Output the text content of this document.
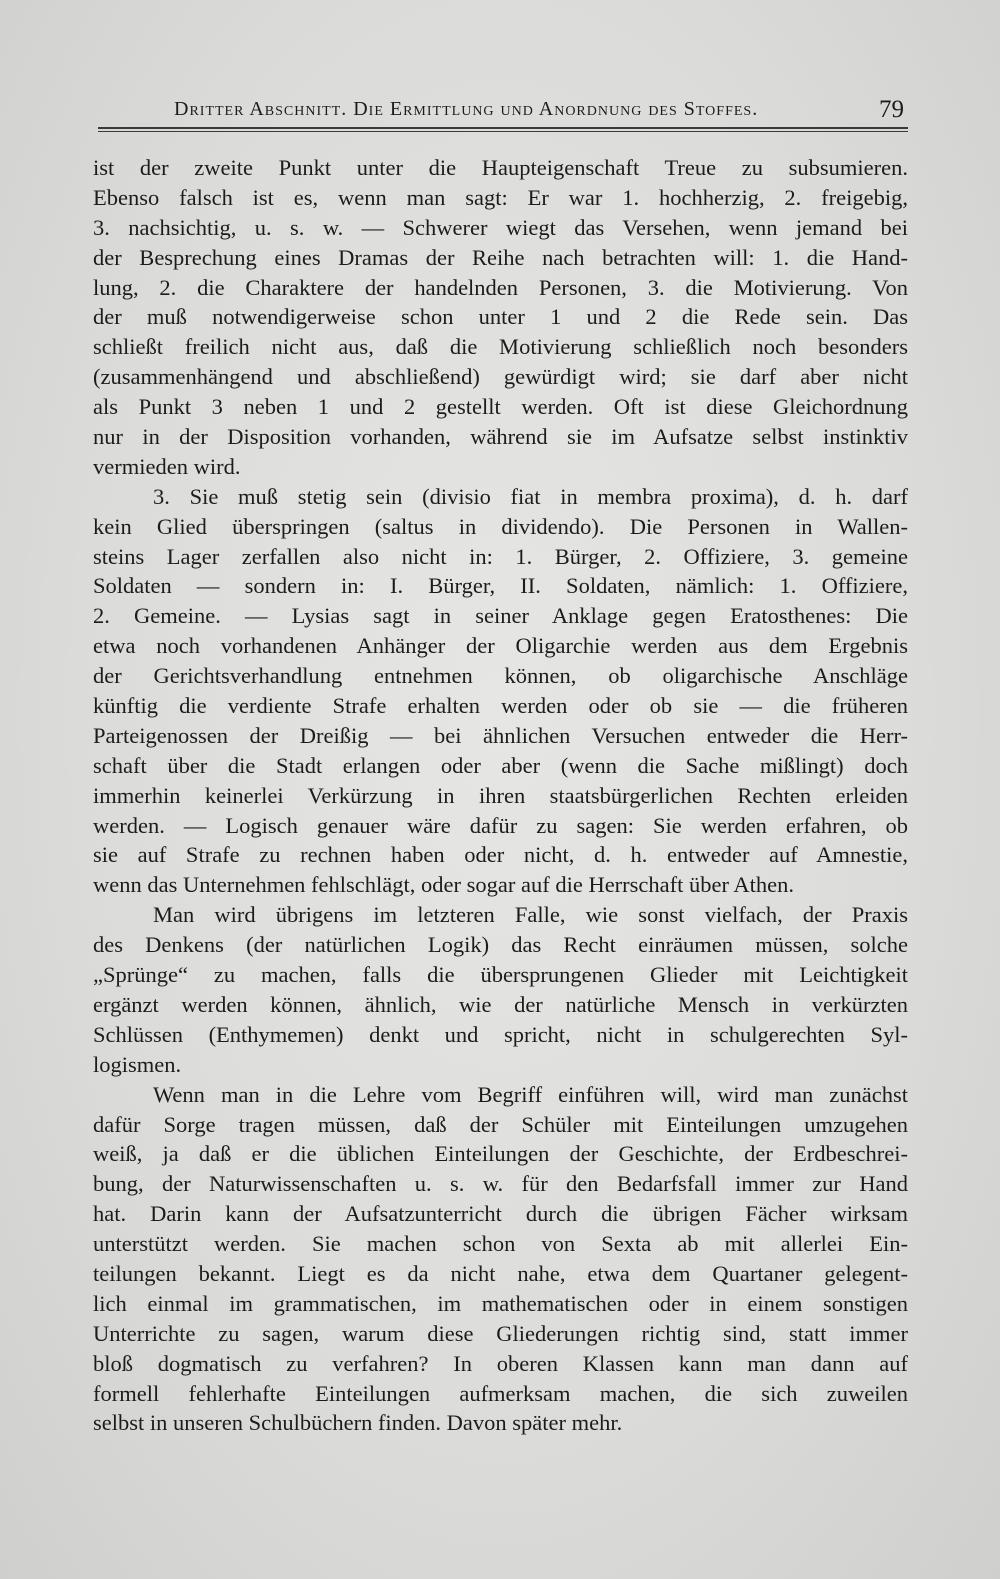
Dritter Abschnitt. Die Ermittlung und Anordnung des Stoffes.	79
ist der zweite Punkt unter die Haupteigenschaft Treue zu subsumieren.
Ebenso falsch ist es, wenn man sagt: Er war 1. hochherzig, 2. freigebig,
3. nachsichtig, u. s. w. — Schwerer wiegt das Versehen, wenn jemand bei
der Besprechung eines Dramas der Reihe nach betrachten will: 1. die Hand-
lung, 2. die Charaktere der handelnden Personen, 3. die Motivierung. Von
der muß notwendigerweise schon unter 1 und 2 die Rede sein. Das
schließt freilich nicht aus, daß die Motivierung schließlich noch besonders
(zusammenhängend und abschließend) gewürdigt wird; sie darf aber nicht
als Punkt 3 neben 1 und 2 gestellt werden. Oft ist diese Gleichordnung
nur in der Disposition vorhanden, während sie im Aufsatze selbst instinktiv
vermieden wird.
3. Sie muß stetig sein (divisio fiat in membra proxima), d. h. darf
kein Glied überspringen (saltus in dividendo). Die Personen in Wallen-
steins Lager zerfallen also nicht in: 1. Bürger, 2. Offiziere, 3. gemeine
Soldaten — sondern in: I. Bürger, II. Soldaten, nämlich: 1. Offiziere,
2. Gemeine. — Lysias sagt in seiner Anklage gegen Eratosthenes: Die
etwa noch vorhandenen Anhänger der Oligarchie werden aus dem Ergebnis
der Gerichtsverhandlung entnehmen können, ob oligarchische Anschläge
künftig die verdiente Strafe erhalten werden oder ob sie — die früheren
Parteigenossen der Dreißig — bei ähnlichen Versuchen entweder die Herr-
schaft über die Stadt erlangen oder aber (wenn die Sache mißlingt) doch
immerhin keinerlei Verkürzung in ihren staatsbürgerlichen Rechten erleiden
werden. — Logisch genauer wäre dafür zu sagen: Sie werden erfahren, ob
sie auf Strafe zu rechnen haben oder nicht, d. h. entweder auf Amnestie,
wenn das Unternehmen fehlschlägt, oder sogar auf die Herrschaft über Athen.
Man wird übrigens im letzteren Falle, wie sonst vielfach, der Praxis
des Denkens (der natürlichen Logik) das Recht einräumen müssen, solche
„Sprünge“ zu machen, falls die übersprungenen Glieder mit Leichtigkeit
ergänzt werden können, ähnlich, wie der natürliche Mensch in verkürzten
Schlüssen (Enthymemen) denkt und spricht, nicht in schulgerechten Syl-
logismen.
Wenn man in die Lehre vom Begriff einführen will, wird man zunächst
dafür Sorge tragen müssen, daß der Schüler mit Einteilungen umzugehen
weiß, ja daß er die üblichen Einteilungen der Geschichte, der Erdbeschrei-
bung, der Naturwissenschaften u. s. w. für den Bedarfsfall immer zur Hand
hat. Darin kann der Aufsatzunterricht durch die übrigen Fächer wirksam
unterstützt werden. Sie machen schon von Sexta ab mit allerlei Ein-
teilungen bekannt. Liegt es da nicht nahe, etwa dem Quartaner gelegent-
lich einmal im grammatischen, im mathematischen oder in einem sonstigen
Unterrichte zu sagen, warum diese Gliederungen richtig sind, statt immer
bloß dogmatisch zu verfahren? In oberen Klassen kann man dann auf
formell fehlerhafte Einteilungen aufmerksam machen, die sich zuweilen
selbst in unseren Schulbüchern finden. Davon später mehr.
